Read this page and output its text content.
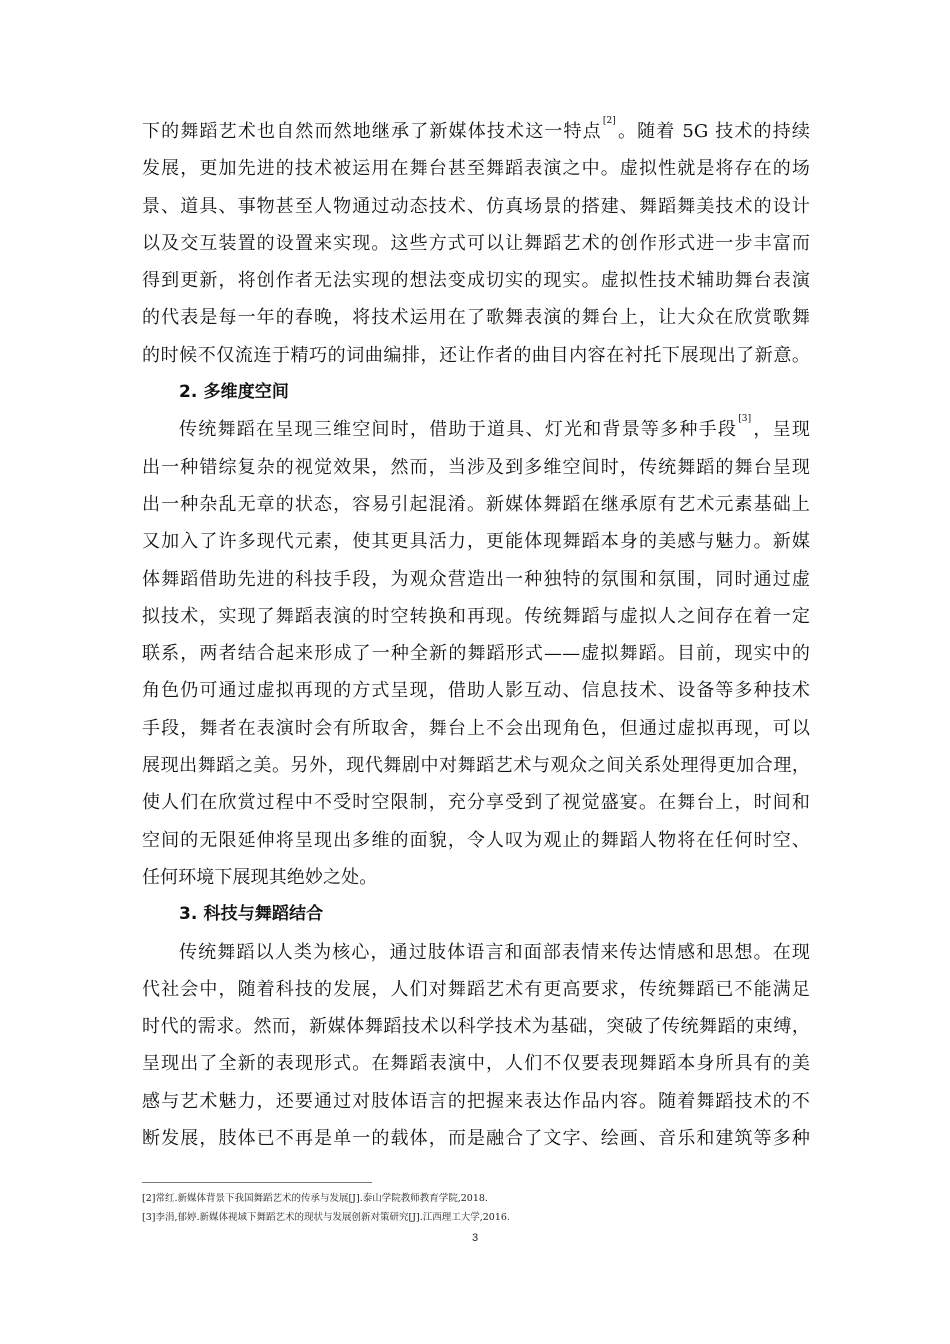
下的舞蹈艺术也自然而然地继承了新媒体技术这一特点[2]。随着 5G 技术的持续
发展，更加先进的技术被运用在舞台甚至舞蹈表演之中。虚拟性就是将存在的场
景、道具、事物甚至人物通过动态技术、仿真场景的搭建、舞蹈舞美技术的设计
以及交互装置的设置来实现。这些方式可以让舞蹈艺术的创作形式进一步丰富而
得到更新，将创作者无法实现的想法变成切实的现实。虚拟性技术辅助舞台表演
的代表是每一年的春晚，将技术运用在了歌舞表演的舞台上，让大众在欣赏歌舞
的时候不仅流连于精巧的词曲编排，还让作者的曲目内容在衬托下展现出了新意。
2. 多维度空间
传统舞蹈在呈现三维空间时，借助于道具、灯光和背景等多种手段[3]，呈现
出一种错综复杂的视觉效果，然而，当涉及到多维空间时，传统舞蹈的舞台呈现
出一种杂乱无章的状态，容易引起混淆。新媒体舞蹈在继承原有艺术元素基础上
又加入了许多现代元素，使其更具活力，更能体现舞蹈本身的美感与魅力。新媒
体舞蹈借助先进的科技手段，为观众营造出一种独特的氛围和氛围，同时通过虚
拟技术，实现了舞蹈表演的时空转换和再现。传统舞蹈与虚拟人之间存在着一定
联系，两者结合起来形成了一种全新的舞蹈形式——虚拟舞蹈。目前，现实中的
角色仍可通过虚拟再现的方式呈现，借助人影互动、信息技术、设备等多种技术
手段，舞者在表演时会有所取舍，舞台上不会出现角色，但通过虚拟再现，可以
展现出舞蹈之美。另外，现代舞剧中对舞蹈艺术与观众之间关系处理得更加合理，
使人们在欣赏过程中不受时空限制，充分享受到了视觉盛宴。在舞台上，时间和
空间的无限延伸将呈现出多维的面貌，令人叹为观止的舞蹈人物将在任何时空、
任何环境下展现其绝妙之处。
3. 科技与舞蹈结合
传统舞蹈以人类为核心，通过肢体语言和面部表情来传达情感和思想。在现
代社会中，随着科技的发展，人们对舞蹈艺术有更高要求，传统舞蹈已不能满足
时代的需求。然而，新媒体舞蹈技术以科学技术为基础，突破了传统舞蹈的束缚，
呈现出了全新的表现形式。在舞蹈表演中，人们不仅要表现舞蹈本身所具有的美
感与艺术魅力，还要通过对肢体语言的把握来表达作品内容。随着舞蹈技术的不
断发展，肢体已不再是单一的载体，而是融合了文字、绘画、音乐和建筑等多种
[2]常红.新媒体背景下我国舞蹈艺术的传承与发展[J].泰山学院教师教育学院,2018.
[3]李涓,郁婷.新媒体视域下舞蹈艺术的现状与发展创新对策研究[J].江西理工大学,2016.
3
